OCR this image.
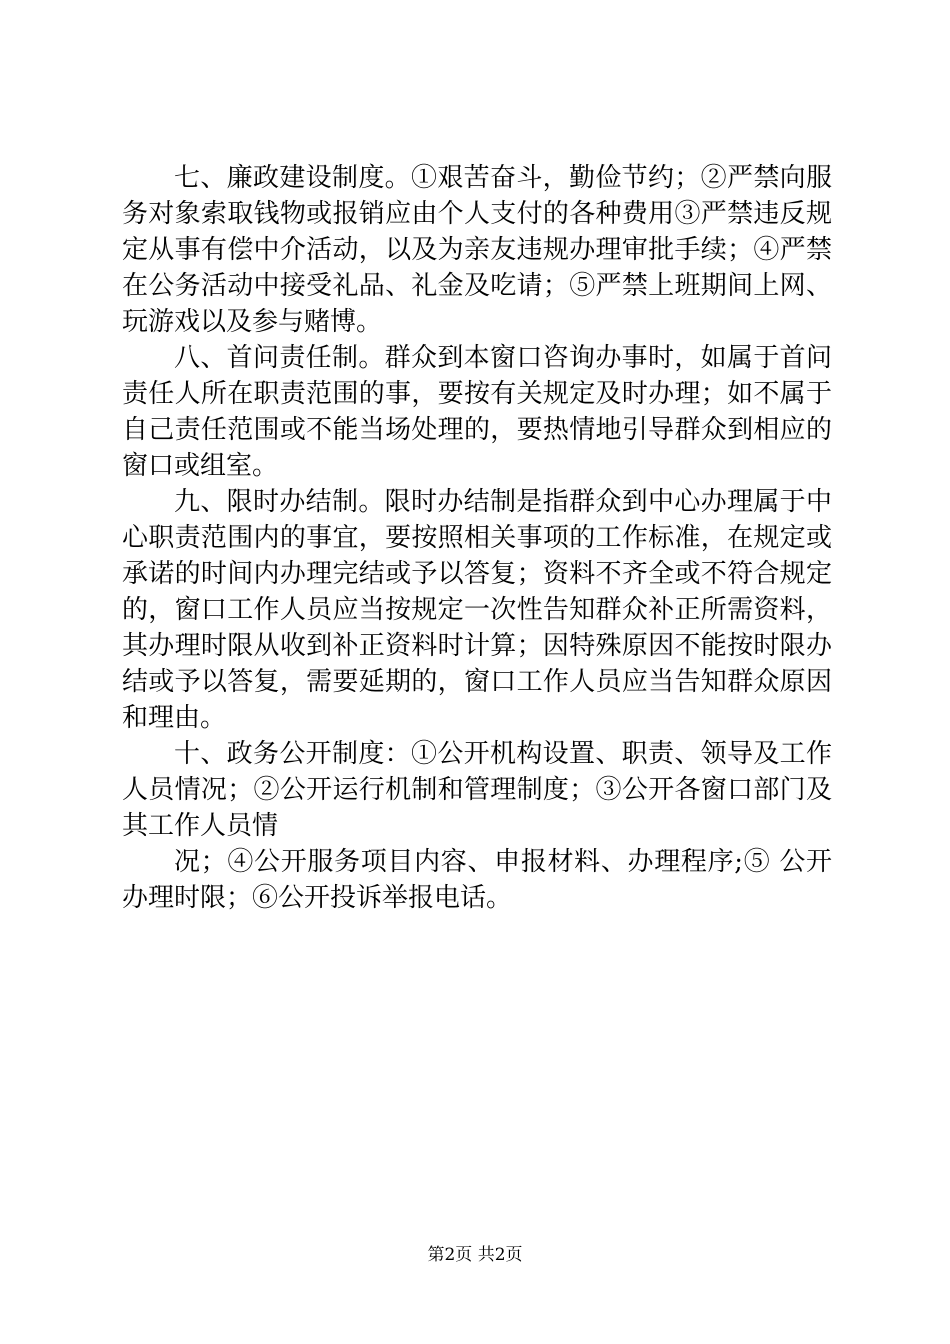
七、廉政建设制度。①艰苦奋斗，勤俭节约；②严禁向服务对象索取钱物或报销应由个人支付的各种费用③严禁违反规定从事有偿中介活动，以及为亲友违规办理审批手续；④严禁在公务活动中接受礼品、礼金及吃请；⑤严禁上班期间上网、玩游戏以及参与赌博。

八、首问责任制。群众到本窗口咨询办事时，如属于首问责任人所在职责范围的事，要按有关规定及时办理；如不属于自己责任范围或不能当场处理的，要热情地引导群众到相应的窗口或组室。

九、限时办结制。限时办结制是指群众到中心办理属于中心职责范围内的事宜，要按照相关事项的工作标准，在规定或承诺的时间内办理完结或予以答复；资料不齐全或不符合规定的，窗口工作人员应当按规定一次性告知群众补正所需资料，其办理时限从收到补正资料时计算；因特殊原因不能按时限办结或予以答复，需要延期的，窗口工作人员应当告知群众原因和理由。

十、政务公开制度：①公开机构设置、职责、领导及工作人员情况；②公开运行机制和管理制度；③公开各窗口部门及其工作人员情

况；④公开服务项目内容、申报材料、办理程序;⑤ 公开办理时限；⑥公开投诉举报电话。

第2页 共2页
